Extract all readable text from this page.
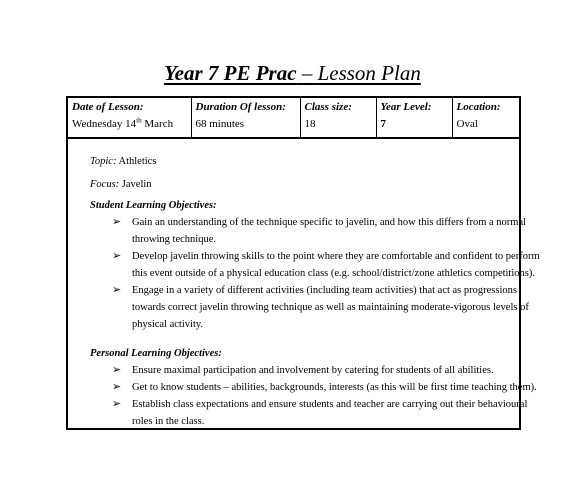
Year 7 PE Prac – Lesson Plan
Date of Lesson:
Wednesday 14th March

Duration Of lesson:
68 minutes

Class size:
18

Year Level:
7

Location:
Oval
Topic: Athletics
Focus: Javelin
Student Learning Objectives:
➢ Gain an understanding of the technique specific to javelin, and how this differs from a normal
throwing technique.
➢ Develop javelin throwing skills to the point where they are comfortable and confident to perform
this event outside of a physical education class (e.g. school/district/zone athletics competitions).
➢ Engage in a variety of different activities (including team activities) that act as progressions
towards correct javelin throwing technique as well as maintaining moderate-vigorous levels of
physical activity.
Personal Learning Objectives:
➢ Ensure maximal participation and involvement by catering for students of all abilities.
➢ Get to know students – abilities, backgrounds, interests (as this will be first time teaching them).
➢ Establish class expectations and ensure students and teacher are carrying out their behavioural
roles in the class.
